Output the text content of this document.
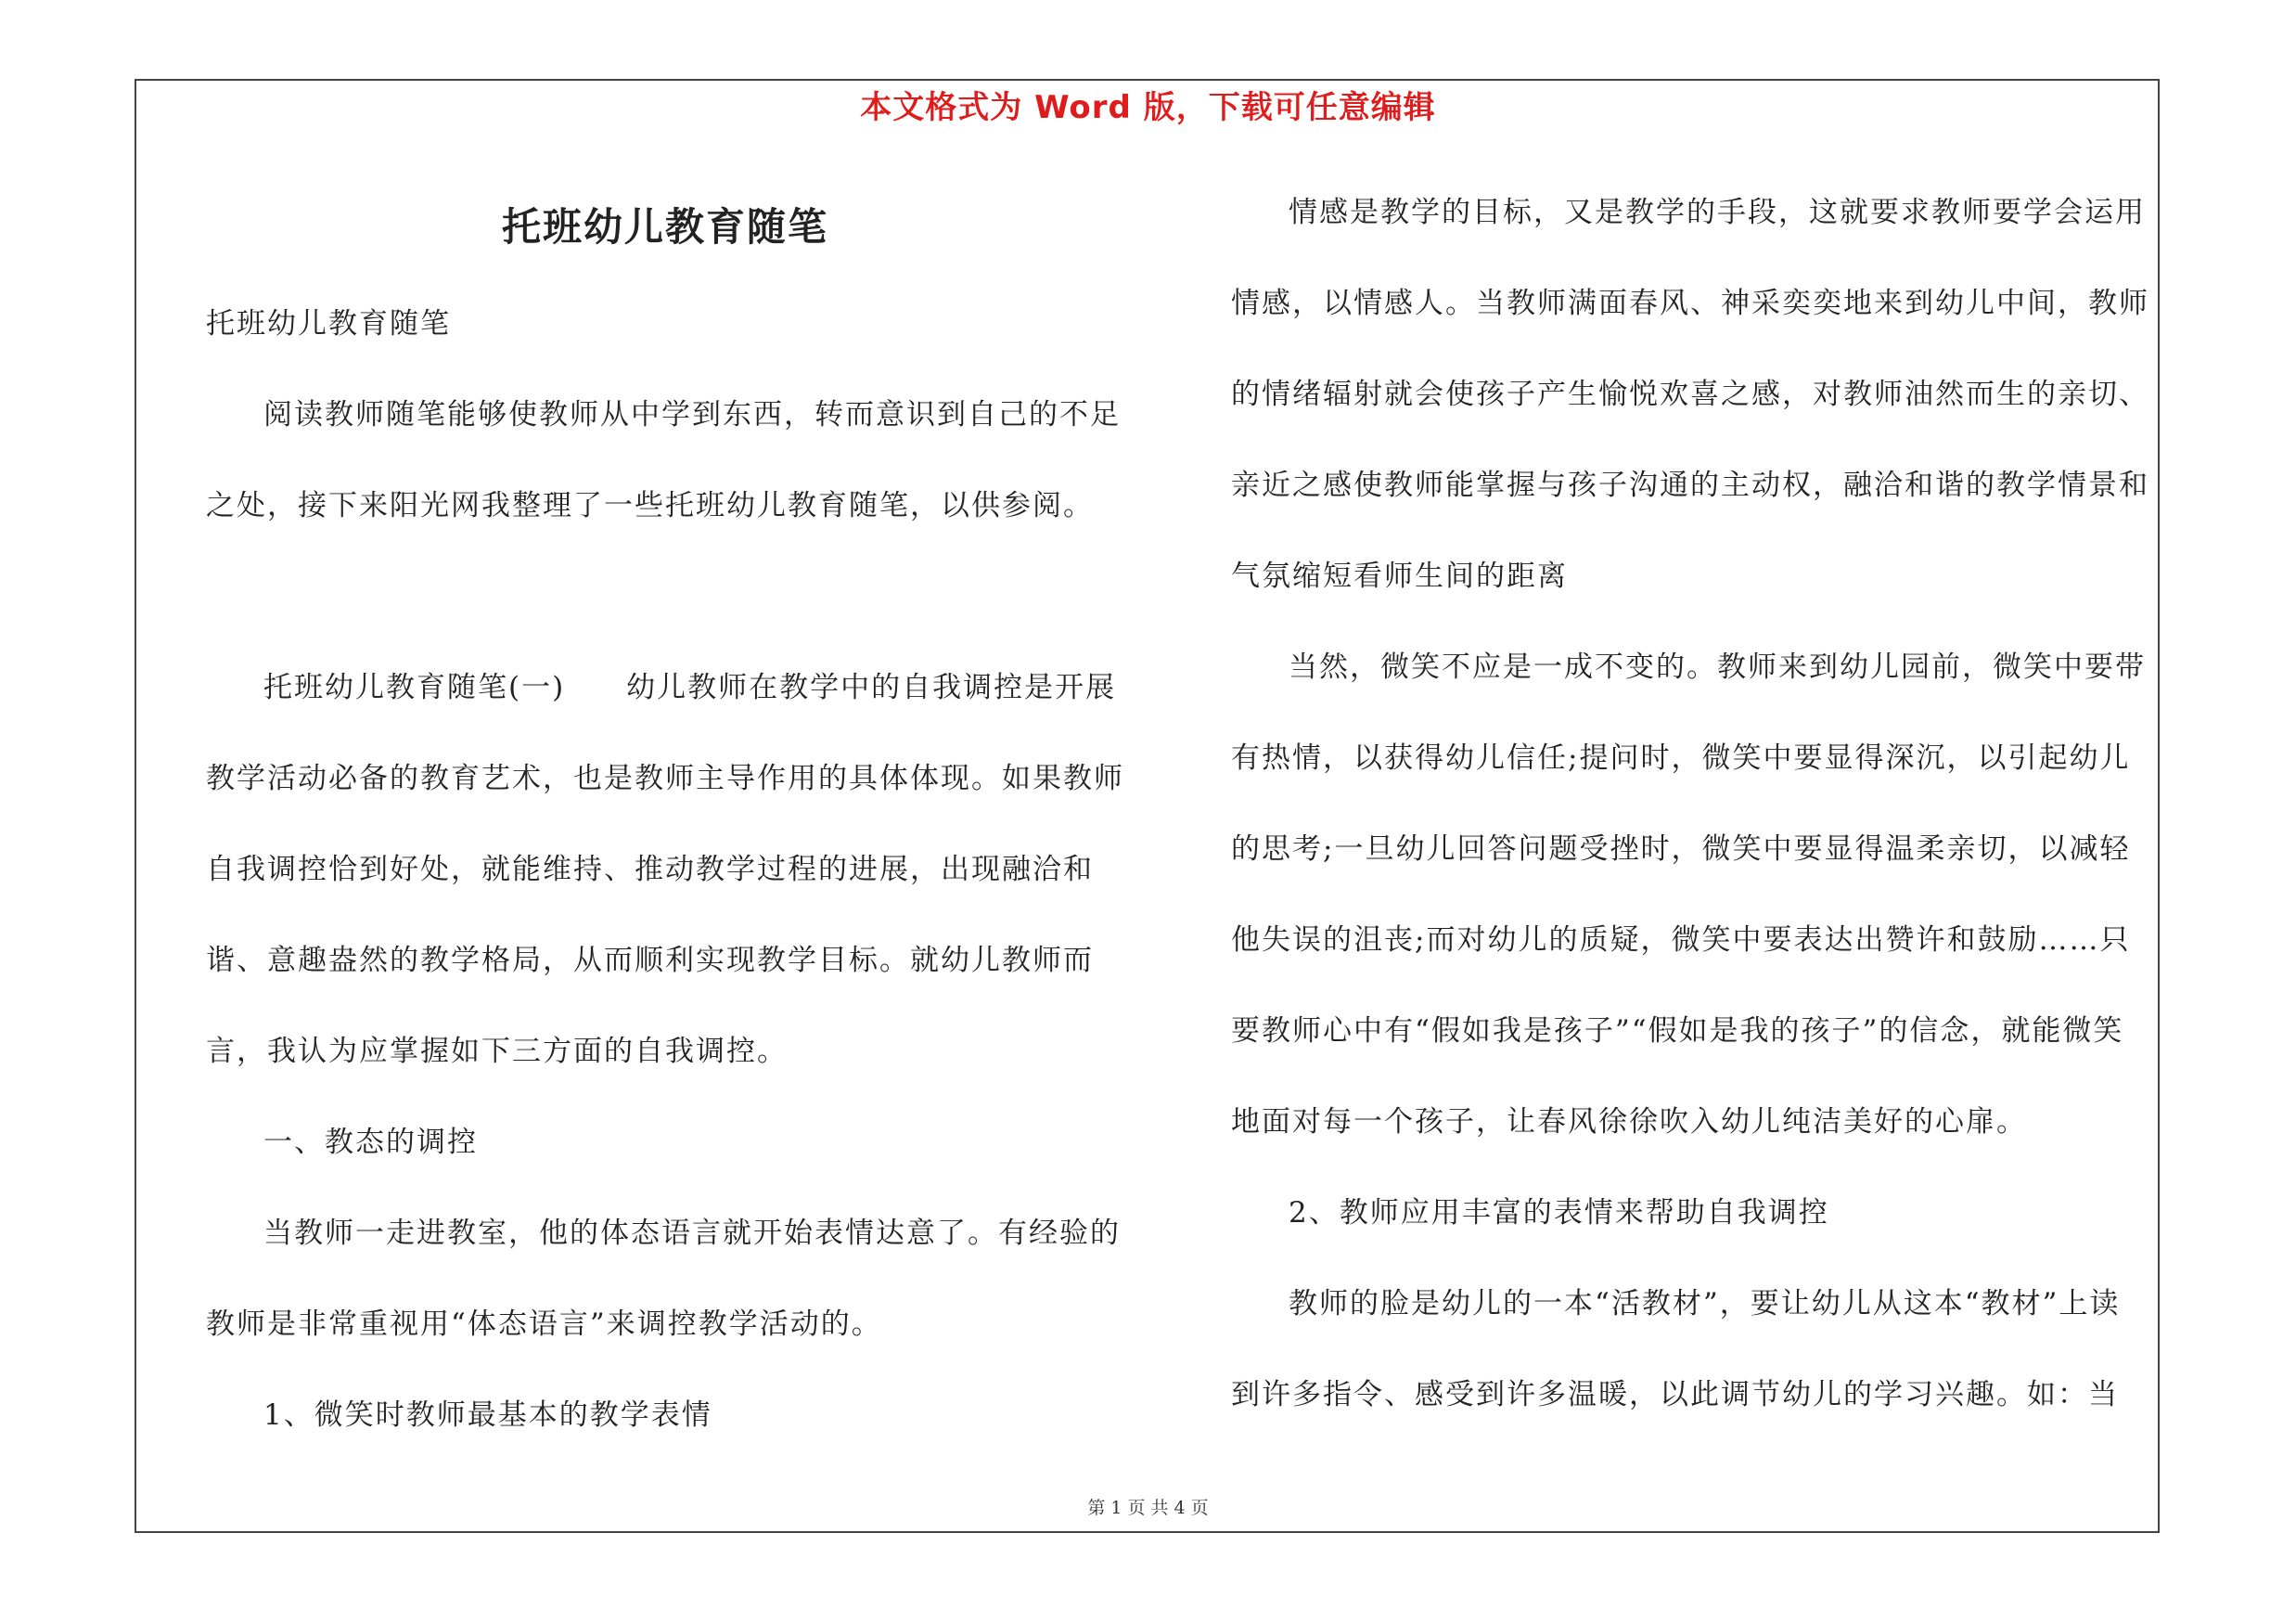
本文格式为 Word 版，下载可任意编辑
托班幼儿教育随笔

托班幼儿教育随笔

阅读教师随笔能够使教师从中学到东西，转而意识到自己的不足之处，接下来阳光网我整理了一些托班幼儿教育随笔，以供参阅。

托班幼儿教育随笔(一)　　幼儿教师在教学中的自我调控是开展教学活动必备的教育艺术，也是教师主导作用的具体体现。如果教师自我调控恰到好处，就能维持、推动教学过程的进展，出现融洽和谐、意趣盎然的教学格局，从而顺利实现教学目标。就幼儿教师而言，我认为应掌握如下三方面的自我调控。

一、教态的调控

当教师一走进教室，他的体态语言就开始表情达意了。有经验的教师是非常重视用“体态语言”来调控教学活动的。

1、微笑时教师最基本的教学表情

情感是教学的目标，又是教学的手段，这就要求教师要学会运用情感，以情感人。当教师满面春风、神采奕奕地来到幼儿中间，教师的情绪辐射就会使孩子产生愉悦欢喜之感，对教师油然而生的亲切、亲近之感使教师能掌握与孩子沟通的主动权，融洽和谐的教学情景和气氛缩短看师生间的距离

当然，微笑不应是一成不变的。教师来到幼儿园前，微笑中要带有热情，以获得幼儿信任;提问时，微笑中要显得深沉，以引起幼儿的思考;一旦幼儿回答问题受挫时，微笑中要显得温柔亲切，以减轻他失误的沮丧;而对幼儿的质疑，微笑中要表达出赞许和鼓励……只要教师心中有“假如我是孩子”“假如是我的孩子”的信念，就能微笑地面对每一个孩子，让春风徐徐吹入幼儿纯洁美好的心扉。

2、教师应用丰富的表情来帮助自我调控

教师的脸是幼儿的一本“活教材”，要让幼儿从这本“教材”上读到许多指令、感受到许多温暖，以此调节幼儿的学习兴趣。如：当

第 1 页 共 4 页
